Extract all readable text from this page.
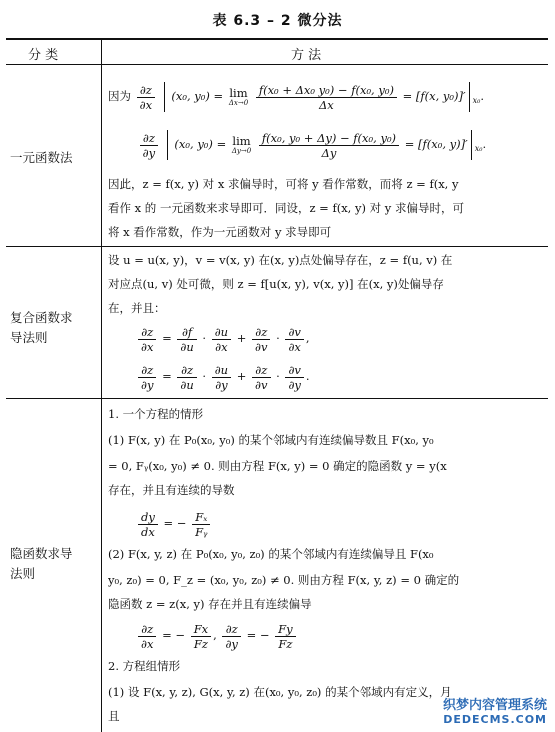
表 6.3 – 2 微分法
分 类	方 法
一元函数法
因为 $\frac{\partial z}{\partial x} (x_0$, y₀) = lim
Δx→0
$\frac{\text{f(x₀ + Δx₀ y₀) − f(x₀, y₀)}}{\Delta x} = [f(x$, y₀)]′ $_{x_0}$.

$\frac{\partial z}{\partial y} (x_0$, y₀) = lim
Δy→0
$\frac{\text{f(x₀, y₀ + Δy) − f(x₀, y₀)}}{\Delta y} = [f(x_0$, y)]′ $_{x_0}$.
因此，z = f(x, y) 对 x 求偏导时，可将 y 看作常数，而将 z = f(x, y
看作 x 的 一元函数来求导即可．同设，z = f(x, y) 对 y 求偏导时，可
将 x 看作常数，作为一元函数对 y 求导即可
复合函数求
导法则
设 u = u(x, y)，v = v(x, y) 在(x, y)点处偏导存在，z = f(u, v) 在
对应点(u, v) 处可微，则 z = f[u(x, y), v(x, y)] 在(x, y)处偏导存
在，并且：
$\frac{\partial z}{\partial x} = \frac{\partial f}{\partial u} \cdot \frac{\partial u}{\partial x} + \frac{\partial z}{\partial v} \cdot \frac{\partial v}{\partial x}$ ,
$\frac{\partial z}{\partial y} = \frac{\partial z}{\partial u} \cdot \frac{\partial u}{\partial y} + \frac{\partial z}{\partial v} \cdot \frac{\partial v}{\partial y}$ .
隐函数求导
法则
1. 一个方程的情形
(1) F(x, y) 在 P₀(x₀, y₀) 的某个邻域内有连续偏导数且 F(x₀, y₀
= 0, Fᵧ(x₀, y₀) ≠ 0. 则由方程 F(x, y) = 0 确定的隐函数 y = y(x
存在，并且有连续的导数
$\frac{dy}{dx}$ = − $\frac{\text{Fₓ}}{\text{Fᵧ}}$
(2) F(x, y, z) 在 P₀(x₀, y₀, z₀) 的某个邻域内有连续偏导且 F(x₀
y₀, z₀) = 0, F_z = (x₀, y₀, z₀) ≠ 0. 则由方程 F(x, y, z) = 0 确定的
隐函数 z = z(x, y) 存在并且有连续偏导
$\frac{\partial z}{\partial x}$ = − $\frac{Fx}{Fz}$ , $\frac{\partial z}{\partial y}$ = − $\frac{Fy}{Fz}$
2. 方程组情形
(1) 设 F(x, y, z), G(x, y, z) 在(x₀, y₀, z₀) 的某个邻域内有定义，月
且
织梦内容管理系统
DEDECMS.COM
